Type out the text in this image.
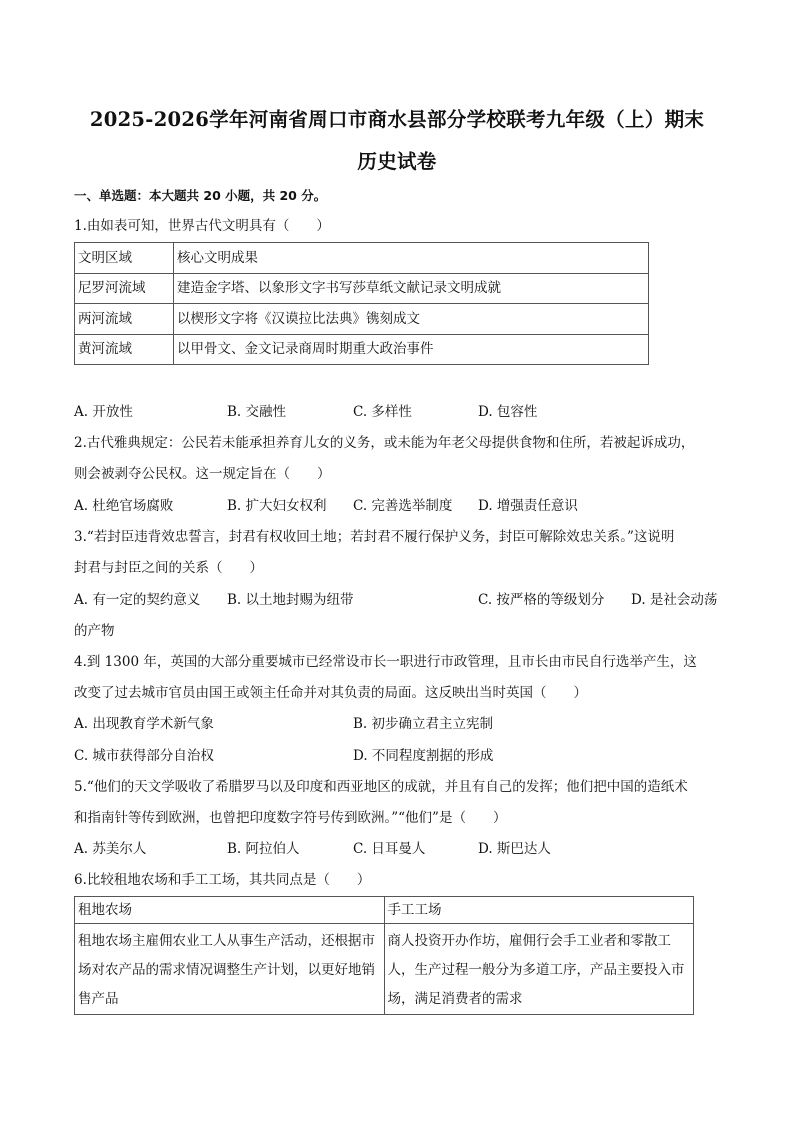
2025-2026学年河南省周口市商水县部分学校联考九年级（上）期末
历史试卷
一、单选题：本大题共 20 小题，共 20 分。
1.由如表可知，世界古代文明具有（　　）
文明区域	核心文明成果
尼罗河流域	建造金字塔、以象形文字书写莎草纸文献记录文明成就
两河流域	以楔形文字将《汉谟拉比法典》镌刻成文
黄河流域	以甲骨文、金文记录商周时期重大政治事件
A. 开放性	B. 交融性	C. 多样性	D. 包容性
2.古代雅典规定：公民若未能承担养育儿女的义务，或未能为年老父母提供食物和住所，若被起诉成功，
则会被剥夺公民权。这一规定旨在（　　）
A. 杜绝官场腐败	B. 扩大妇女权利 C. 完善选举制度 D. 增强责任意识
3.“若封臣违背效忠誓言，封君有权收回土地；若封君不履行保护义务，封臣可解除效忠关系。”这说明
封君与封臣之间的关系（　　）
A. 有一定的契约意义 B. 以土地封赐为纽带	C. 按严格的等级划分 D. 是社会动荡
的产物
4.到 1300 年，英国的大部分重要城市已经常设市长一职进行市政管理，且市长由市民自行选举产生，这
改变了过去城市官员由国王或领主任命并对其负责的局面。这反映出当时英国（　　）
A. 出现教育学术新气象	B. 初步确立君主立宪制
C. 城市获得部分自治权	D. 不同程度割据的形成
5.“他们的天文学吸收了希腊罗马以及印度和西亚地区的成就，并且有自己的发挥；他们把中国的造纸术
和指南针等传到欧洲，也曾把印度数字符号传到欧洲。”“他们”是（　　）
A. 苏美尔人	B. 阿拉伯人	C. 日耳曼人	D. 斯巴达人
6.比较租地农场和手工工场，其共同点是（　　）
租地农场	手工工场
租地农场主雇佣农业工人从事生产活动，还根据市场对农产品的需求情况调整生产计划，以更好地销售产品	商人投资开办作坊，雇佣行会手工业者和零散工人，生产过程一般分为多道工序，产品主要投入市场，满足消费者的需求
